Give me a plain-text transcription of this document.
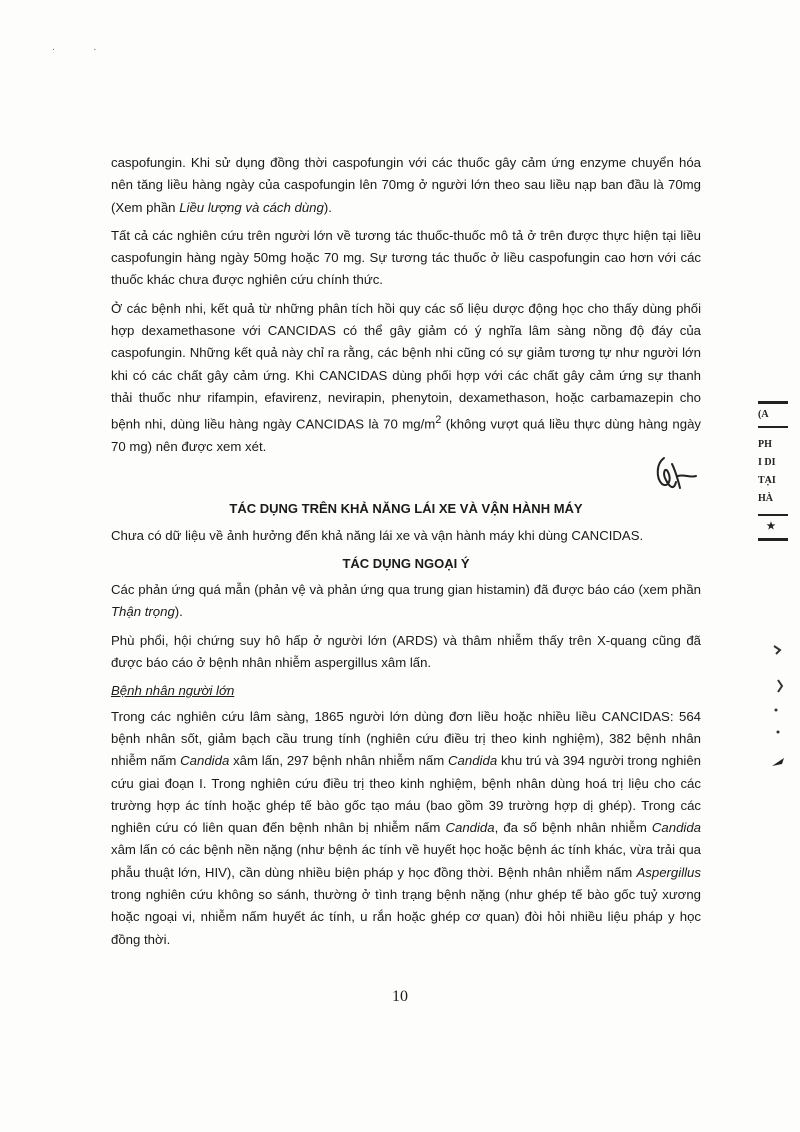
. .

caspofungin. Khi sử dụng đồng thời caspofungin với các thuốc gây cảm ứng enzyme chuyển hóa nên tăng liều hàng ngày của caspofungin lên 70mg ở người lớn theo sau liều nạp ban đầu là 70mg (Xem phần Liều lượng và cách dùng).

Tất cả các nghiên cứu trên người lớn về tương tác thuốc-thuốc mô tả ở trên được thực hiện tại liều caspofungin hàng ngày 50mg hoặc 70 mg. Sự tương tác thuốc ở liều caspofungin cao hơn với các thuốc khác chưa được nghiên cứu chính thức.

Ở các bệnh nhi, kết quả từ những phân tích hồi quy các số liệu dược động học cho thấy dùng phối hợp dexamethasone với CANCIDAS có thể gây giảm có ý nghĩa lâm sàng nồng độ đáy của caspofungin. Những kết quả này chỉ ra rằng, các bệnh nhi cũng có sự giảm tương tự như người lớn khi có các chất gây cảm ứng. Khi CANCIDAS dùng phối hợp với các chất gây cảm ứng sự thanh thải thuốc như rifampin, efavirenz, nevirapin, phenytoin, dexamethason, hoặc carbamazepin cho bệnh nhi, dùng liều hàng ngày CANCIDAS là 70 $mg/m^2$ (không vượt quá liều thực dùng hàng ngày 70 mg) nên được xem xét.

TÁC DỤNG TRÊN KHẢ NĂNG LÁI XE VÀ VẬN HÀNH MÁY

Chưa có dữ liệu về ảnh hưởng đến khả năng lái xe và vận hành máy khi dùng CANCIDAS.

TÁC DỤNG NGOẠI Ý

Các phản ứng quá mẫn (phản vệ và phản ứng qua trung gian histamin) đã được báo cáo (xem phần Thận trọng).

Phù phổi, hội chứng suy hô hấp ở người lớn (ARDS) và thâm nhiễm thấy trên X-quang cũng đã được báo cáo ở bệnh nhân nhiễm aspergillus xâm lấn.

Bệnh nhân người lớn

Trong các nghiên cứu lâm sàng, 1865 người lớn dùng đơn liều hoặc nhiều liều CANCIDAS: 564 bệnh nhân sốt, giảm bạch cầu trung tính (nghiên cứu điều trị theo kinh nghiệm), 382 bệnh nhân nhiễm nấm Candida xâm lấn, 297 bệnh nhân nhiễm nấm Candida khu trú và 394 người trong nghiên cứu giai đoạn I. Trong nghiên cứu điều trị theo kinh nghiệm, bệnh nhân dùng hoá trị liệu cho các trường hợp ác tính hoặc ghép tế bào gốc tạo máu (bao gồm 39 trường hợp dị ghép). Trong các nghiên cứu có liên quan đến bệnh nhân bị nhiễm nấm Candida, đa số bệnh nhân nhiễm Candida xâm lấn có các bệnh nền nặng (như bệnh ác tính về huyết học hoặc bệnh ác tính khác, vừa trải qua phẫu thuật lớn, HIV), cần dùng nhiều biện pháp y học đồng thời. Bệnh nhân nhiễm nấm Aspergillus trong nghiên cứu không so sánh, thường ở tình trạng bệnh nặng (như ghép tế bào gốc tuỷ xương hoặc ngoại vi, nhiễm nấm huyết ác tính, u rắn hoặc ghép cơ quan) đòi hỏi nhiều liệu pháp y học đồng thời.

(A
PH
I DI
TẠI
HÀ
★
10
